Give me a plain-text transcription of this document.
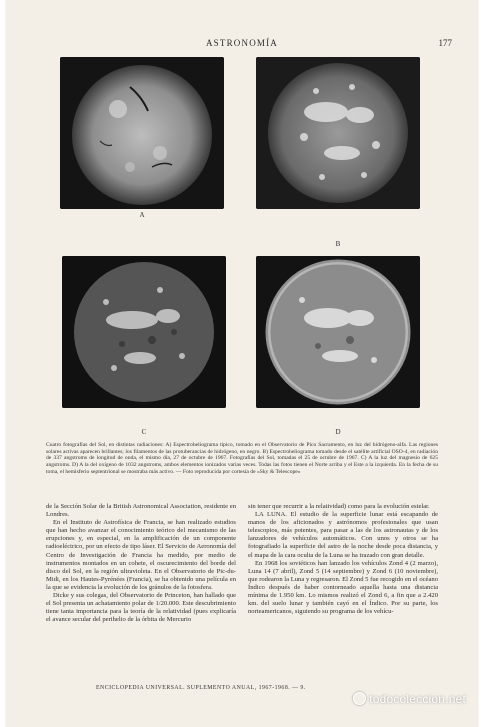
ASTRONOMÍA	177
A
B
C	D
Cuatro fotografías del Sol, en distintas radiaciones: A) Espectroheliograma típico, tomado en el Observatorio de Pico Sacramento, en luz del hidrógeno-alfa. Las regiones solares activas aparecen brillantes; los filamentos de las protuberancias de hidrógeno, en negro. B) Espectroheliograma tomado desde el satélite artificial OSO-4, en radiación de 337 angstroms de longitud de onda, el mismo día, 27 de octubre de 1967. Fotografías del Sol, tomadas el 25 de octubre de 1967. C) A la luz del magnesio de 625 angstroms. D) A la del oxígeno de 1032 angstroms, ambos elementos ionizados varias veces. Todas las fotos tienen el Norte arriba y el Este a la izquierda. En la fecha de su toma, el hemisferio septentrional se mostraba más activo. — Foto reproducida por cortesía de «Sky & Telescope»

de la Sección Solar de la British Astronomical Association, residente en Londres.

En el Instituto de Astrofísica de Francia, se han realizado estudios que han hecho avanzar el conocimiento teórico del mecanismo de las erupciones y, en especial, en la amplificación de un componente radioeléctrico, por un efecto de tipo láser. El Servicio de Aeronomía del Centro de Investigación de Francia ha medido, por medio de instrumentos montados en un cohete, el oscurecimiento del borde del disco del Sol, en la región ultravioleta. En el Observatorio de Pic-du-Midi, en los Hautes-Pyrénées (Francia), se ha obtenido una película en la que se evidencia la evolución de los gránulos de la fotosfera.

Dicke y sus colegas, del Observatorio de Princeton, han hallado que el Sol presenta un achatamiento polar de 1/20.000. Este descubrimiento tiene tanta importancia para la teoría de la relatividad (pues explicaría el avance secular del perihelio de la órbita de Mercurio

sin tener que recurrir a la relatividad) como para la evolución estelar.

LA LUNA. El estudio de la superficie lunar está escapando de manos de los aficionados y astrónomos profesionales que usan telescopios, más potentes, para pasar a las de los astronautas y de los lanzadores de vehículos automáticos. Con unos y otros se ha fotografiado la superficie del astro de la noche desde poca distancia, y el mapa de la cara oculta de la Luna se ha trazado con gran detalle.

En 1968 los soviéticos han lanzado los vehículos Zond 4 (2 marzo), Luna 14 (7 abril), Zond 5 (14 septiembre) y Zond 6 (10 noviembre), que rodearon la Luna y regresaron. El Zond 5 fue recogido en el océano Índico después de haber contorneado aquella hasta una distancia mínima de 1.950 km. Lo mismos realizó el Zond 6, a fin que a 2.420 km. del suelo lunar y también cayó en el Índico. Por su parte, los norteamericanos, siguiendo su programa de los vehícu-

ENCICLOPEDIA UNIVERSAL. SUPLEMENTO ANUAL, 1967-1968. — 9.
todocoleccion.net
